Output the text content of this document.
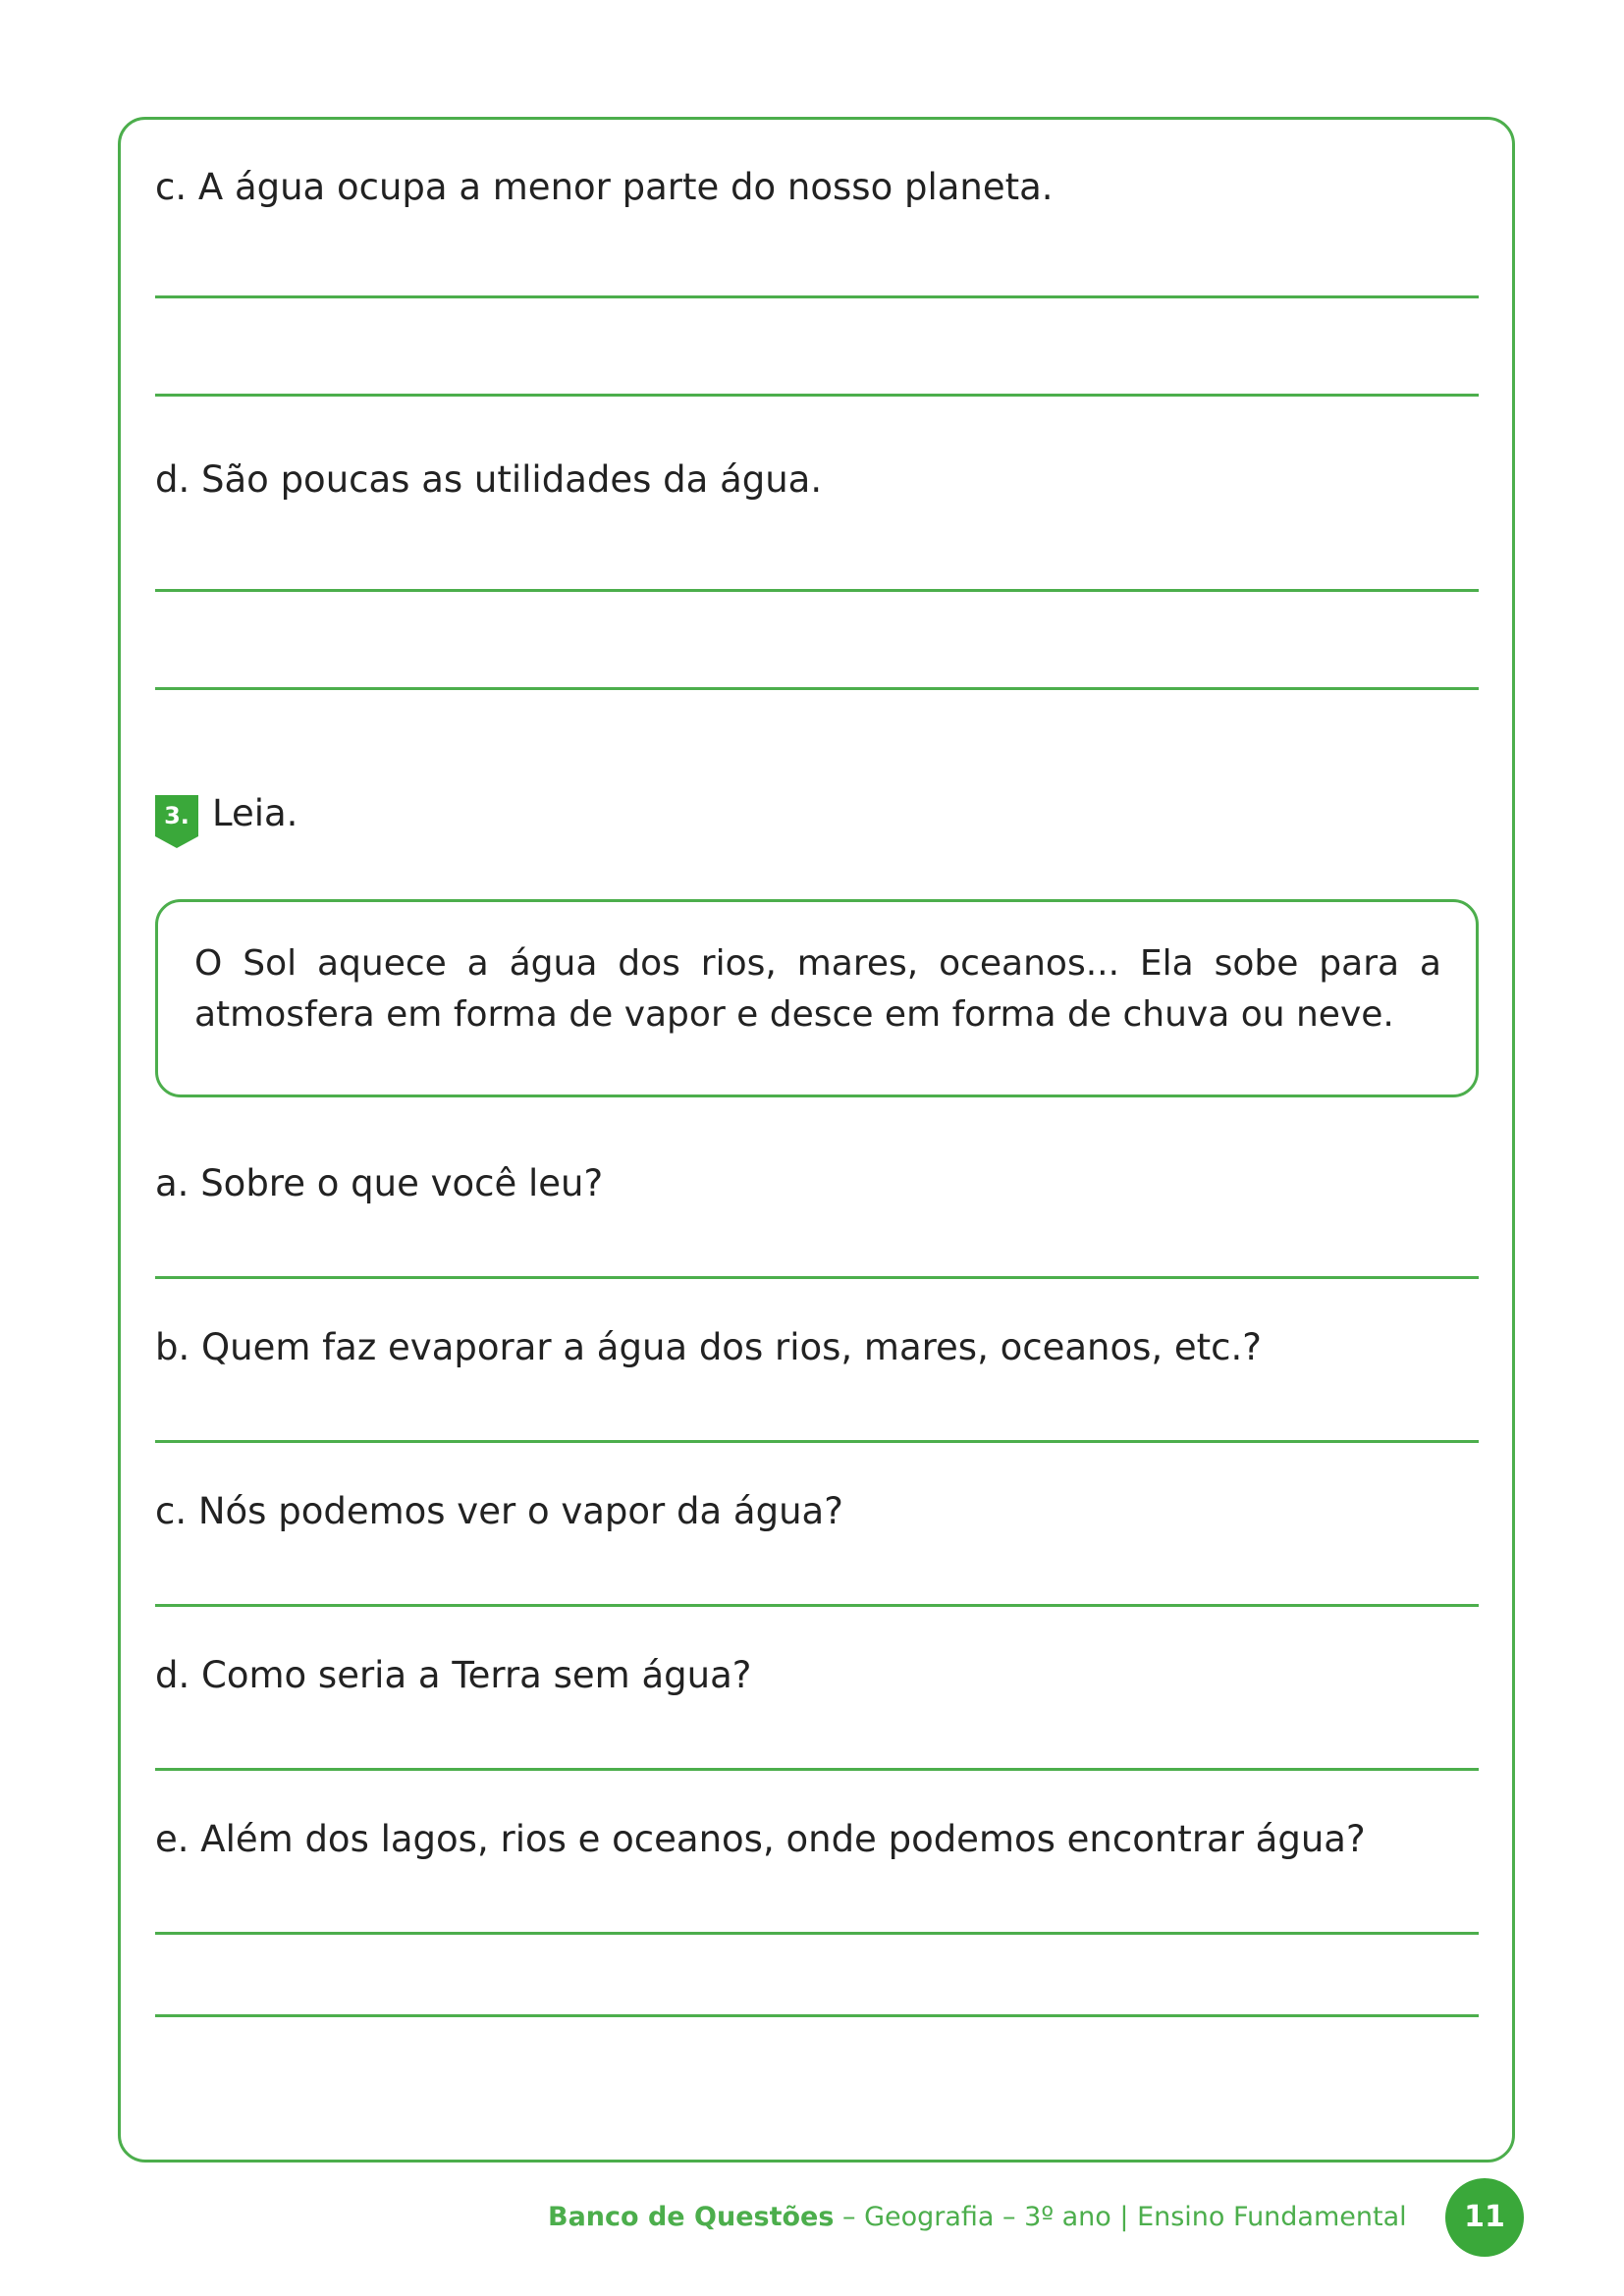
c. A água ocupa a menor parte do nosso planeta.

d. São poucas as utilidades da água.

3. Leia.

O Sol aquece a água dos rios, mares, oceanos... Ela sobe para a atmosfera em forma de vapor e desce em forma de chuva ou neve.

a. Sobre o que você leu?

b. Quem faz evaporar a água dos rios, mares, oceanos, etc.?

c. Nós podemos ver o vapor da água?

d. Como seria a Terra sem água?

e. Além dos lagos, rios e oceanos, onde podemos encontrar água?

Banco de Questões – Geografia – 3º ano | Ensino Fundamental	11
